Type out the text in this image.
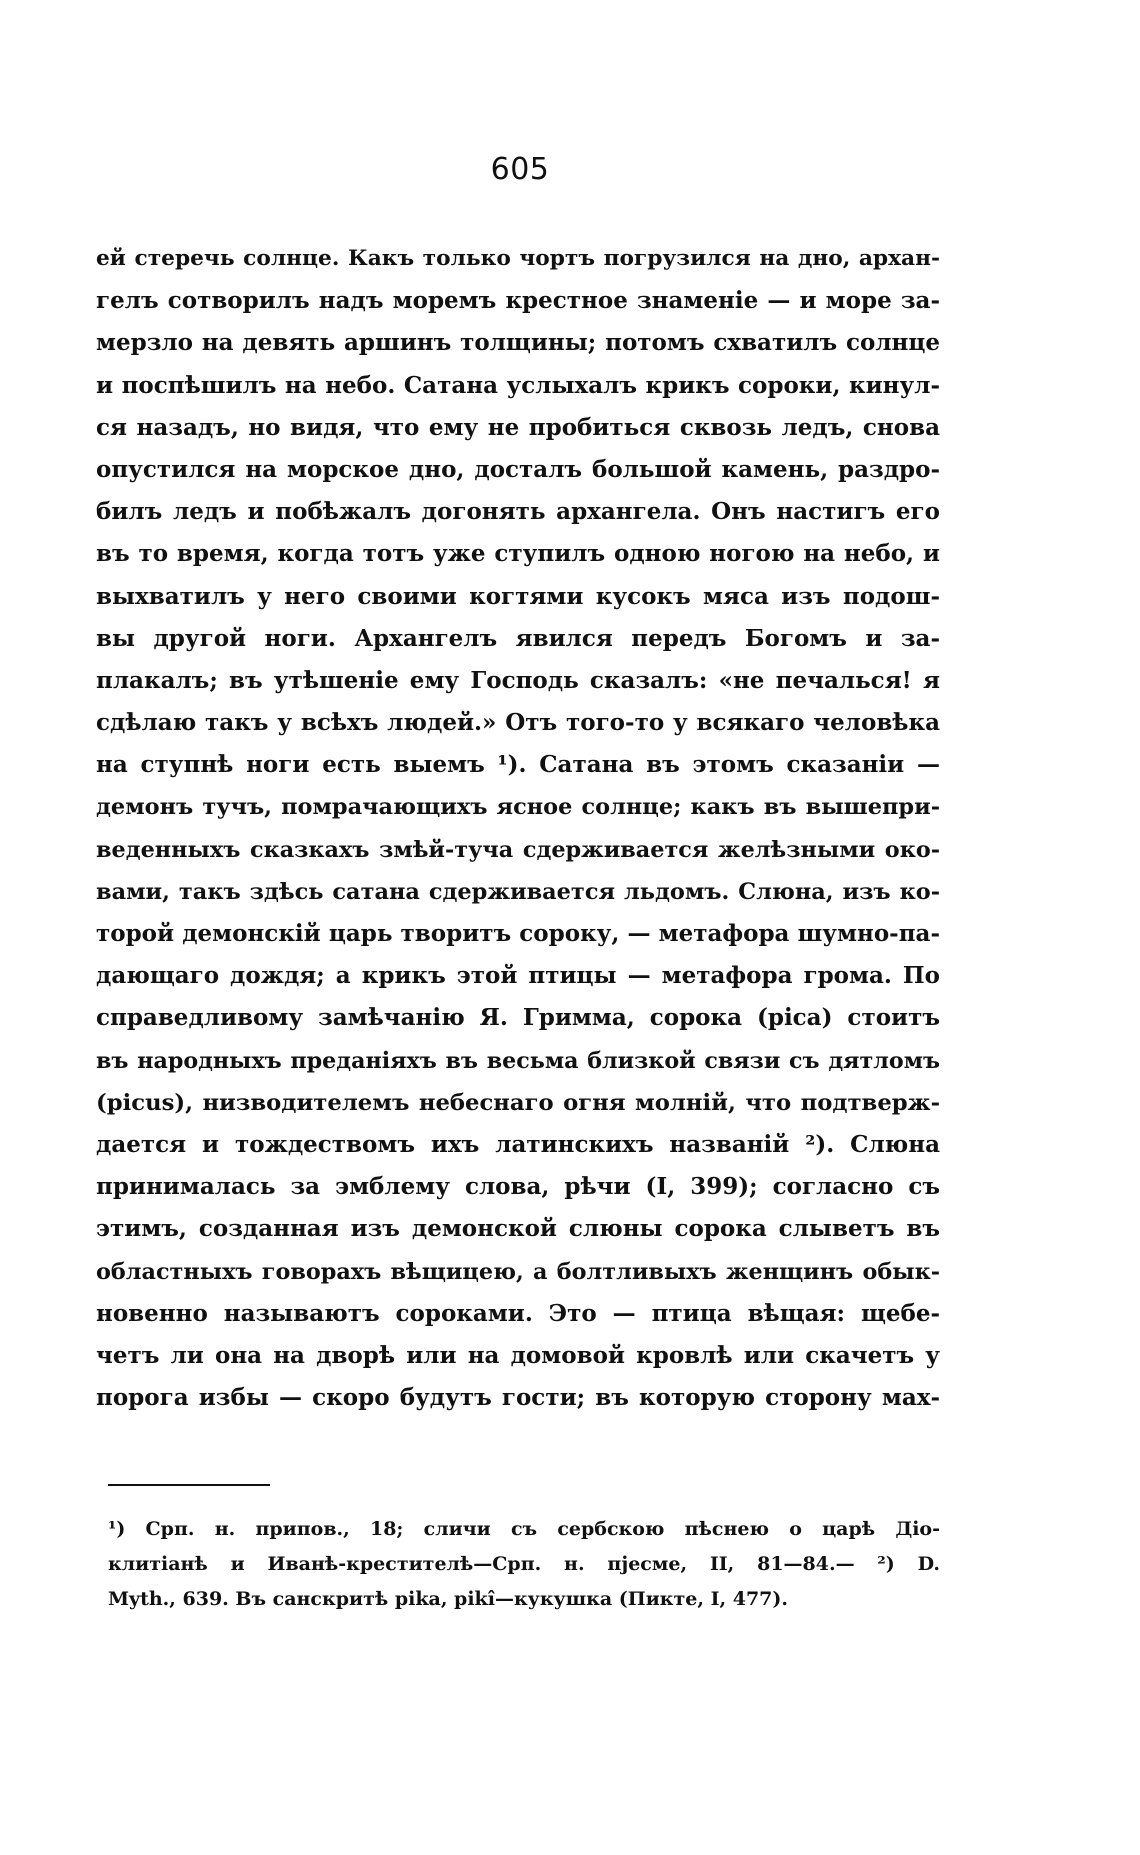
605
ей стеречь солнце. Какъ только чортъ погрузился на дно, архан-
гелъ сотворилъ надъ моремъ крестное знаменіе — и море за-
мерзло на девять аршинъ толщины; потомъ схватилъ солнце
и поспѣшилъ на небо. Сатана услыхалъ крикъ сороки, кинул-
ся назадъ, но видя, что ему не пробиться сквозь ледъ, снова
опустился на морское дно, досталъ большой камень, раздро-
билъ ледъ и побѣжалъ догонять архангела. Онъ настигъ его
въ то время, когда тотъ уже ступилъ одною ногою на небо, и
выхватилъ у него своими когтями кусокъ мяса изъ подош-
вы другой ноги. Архангелъ явился передъ Богомъ и за-
плакалъ; въ утѣшеніе ему Господь сказалъ: «не печалься! я
сдѣлаю такъ у всѣхъ людей.» Отъ того-то у всякаго человѣка
на ступнѣ ноги есть выемъ ¹). Сатана въ этомъ сказаніи —
демонъ тучъ, помрачающихъ ясное солнце; какъ въ вышепри-
веденныхъ сказкахъ змѣй-туча сдерживается желѣзными око-
вами, такъ здѣсь сатана сдерживается льдомъ. Слюна, изъ ко-
торой демонскій царь творитъ сороку, — метафора шумно-па-
дающаго дождя; а крикъ этой птицы — метафора грома. По
справедливому замѣчанію Я. Гримма, сорока (pica) стоитъ
въ народныхъ преданіяхъ въ весьма близкой связи съ дятломъ
(picus), низводителемъ небеснаго огня молній, что подтверж-
дается и тождествомъ ихъ латинскихъ названій ²). Слюна
принималась за эмблему слова, рѣчи (I, 399); согласно съ
этимъ, созданная изъ демонской слюны сорока слыветъ въ
областныхъ говорахъ вѣщицею, а болтливыхъ женщинъ обык-
новенно называютъ сороками. Это — птица вѣщая: щебе-
четъ ли она на дворѣ или на домовой кровлѣ или скачетъ у
порога избы — скоро будутъ гости; въ которую сторону мах-
¹) Срп. н. припов., 18; сличи съ сербскою пѣснею о царѣ Діо-
клитіанѣ и Иванѣ-крестителѣ—Срп. н. пjесме, II, 81—84.— ²) D.
Myth., 639. Въ санскритѣ pika, pikî—кукушка (Пикте, I, 477).
